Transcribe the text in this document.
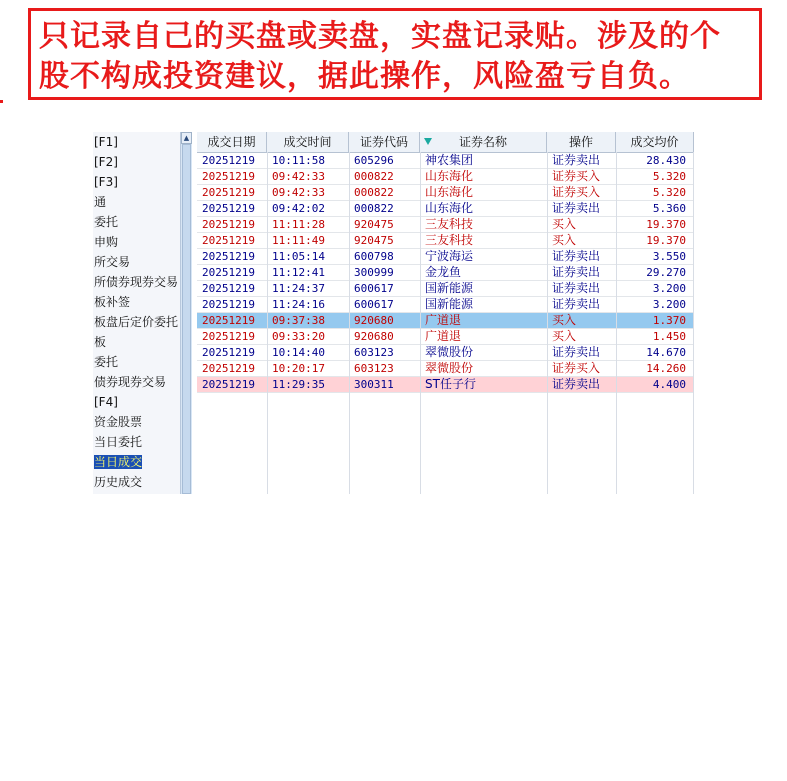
只记录自己的买盘或卖盘，实盘记录贴。涉及的个
股不构成投资建议，据此操作，风险盈亏自负。
[F1]
[F2]
[F3]
通
委托
申购
所交易
所债券现券交易
板补签
板盘后定价委托
板
委托
债券现券交易
[F4]
资金股票
当日委托
当日成交
历史成交
▲	成交日期	成交时间	证券代码	证券名称	操作	成交均价
20251219	10:11:58	605296	神农集团	证券卖出	28.430
20251219	09:42:33	000822	山东海化	证券买入	5.320
20251219	09:42:33	000822	山东海化	证券买入	5.320
20251219	09:42:02	000822	山东海化	证券卖出	5.360
20251219	11:11:28	920475	三友科技	买入	19.370
20251219	11:11:49	920475	三友科技	买入	19.370
20251219	11:05:14	600798	宁波海运	证券卖出	3.550
20251219	11:12:41	300999	金龙鱼	证券卖出	29.270
20251219	11:24:37	600617	国新能源	证券卖出	3.200
20251219	11:24:16	600617	国新能源	证券卖出	3.200
20251219	09:37:38	920680	广道退	买入	1.370
20251219	09:33:20	920680	广道退	买入	1.450
20251219	10:14:40	603123	翠微股份	证券卖出	14.670
20251219	10:20:17	603123	翠微股份	证券买入	14.260
20251219	11:29:35	300311	ST任子行	证券卖出	4.400
